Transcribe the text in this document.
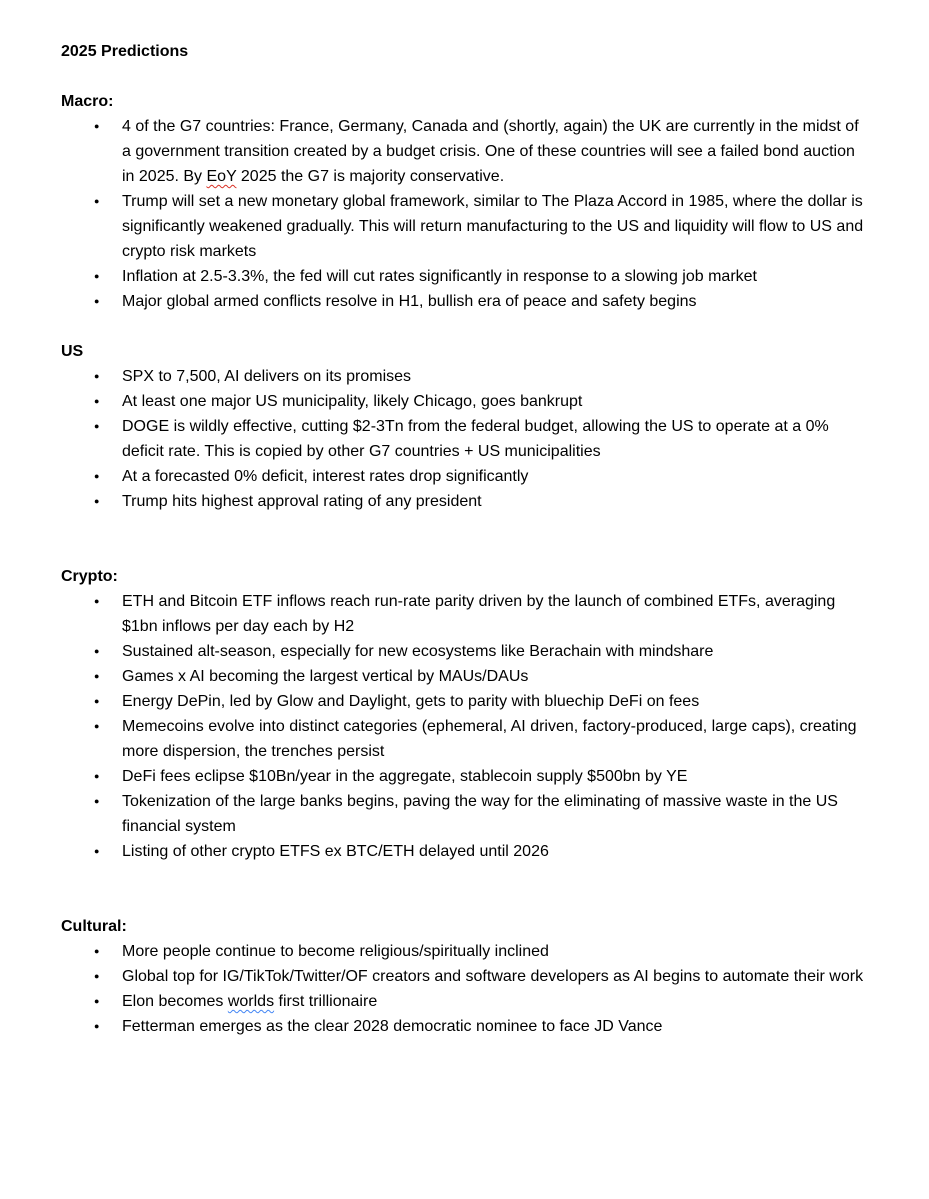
2025 Predictions
Macro:
● 4 of the G7 countries: France, Germany, Canada and (shortly, again) the UK are currently in the midst of a government transition created by a budget crisis. One of these countries will see a failed bond auction in 2025. By EoY 2025 the G7 is majority conservative.
● Trump will set a new monetary global framework, similar to The Plaza Accord in 1985, where the dollar is significantly weakened gradually. This will return manufacturing to the US and liquidity will flow to US and crypto risk markets
● Inflation at 2.5-3.3%, the fed will cut rates significantly in response to a slowing job market
● Major global armed conflicts resolve in H1, bullish era of peace and safety begins
US
● SPX to 7,500, AI delivers on its promises
● At least one major US municipality, likely Chicago, goes bankrupt
● DOGE is wildly effective, cutting $2-3Tn from the federal budget, allowing the US to operate at a 0% deficit rate. This is copied by other G7 countries + US municipalities
● At a forecasted 0% deficit, interest rates drop significantly
● Trump hits highest approval rating of any president
Crypto:
● ETH and Bitcoin ETF inflows reach run-rate parity driven by the launch of combined ETFs, averaging $1bn inflows per day each by H2
● Sustained alt-season, especially for new ecosystems like Berachain with mindshare
● Games x AI becoming the largest vertical by MAUs/DAUs
● Energy DePin, led by Glow and Daylight, gets to parity with bluechip DeFi on fees
● Memecoins evolve into distinct categories (ephemeral, AI driven, factory-produced, large caps), creating more dispersion, the trenches persist
● DeFi fees eclipse $10Bn/year in the aggregate, stablecoin supply $500bn by YE
● Tokenization of the large banks begins, paving the way for the eliminating of massive waste in the US financial system
● Listing of other crypto ETFS ex BTC/ETH delayed until 2026
Cultural:
● More people continue to become religious/spiritually inclined
● Global top for IG/TikTok/Twitter/OF creators and software developers as AI begins to automate their work
● Elon becomes worlds first trillionaire
● Fetterman emerges as the clear 2028 democratic nominee to face JD Vance
